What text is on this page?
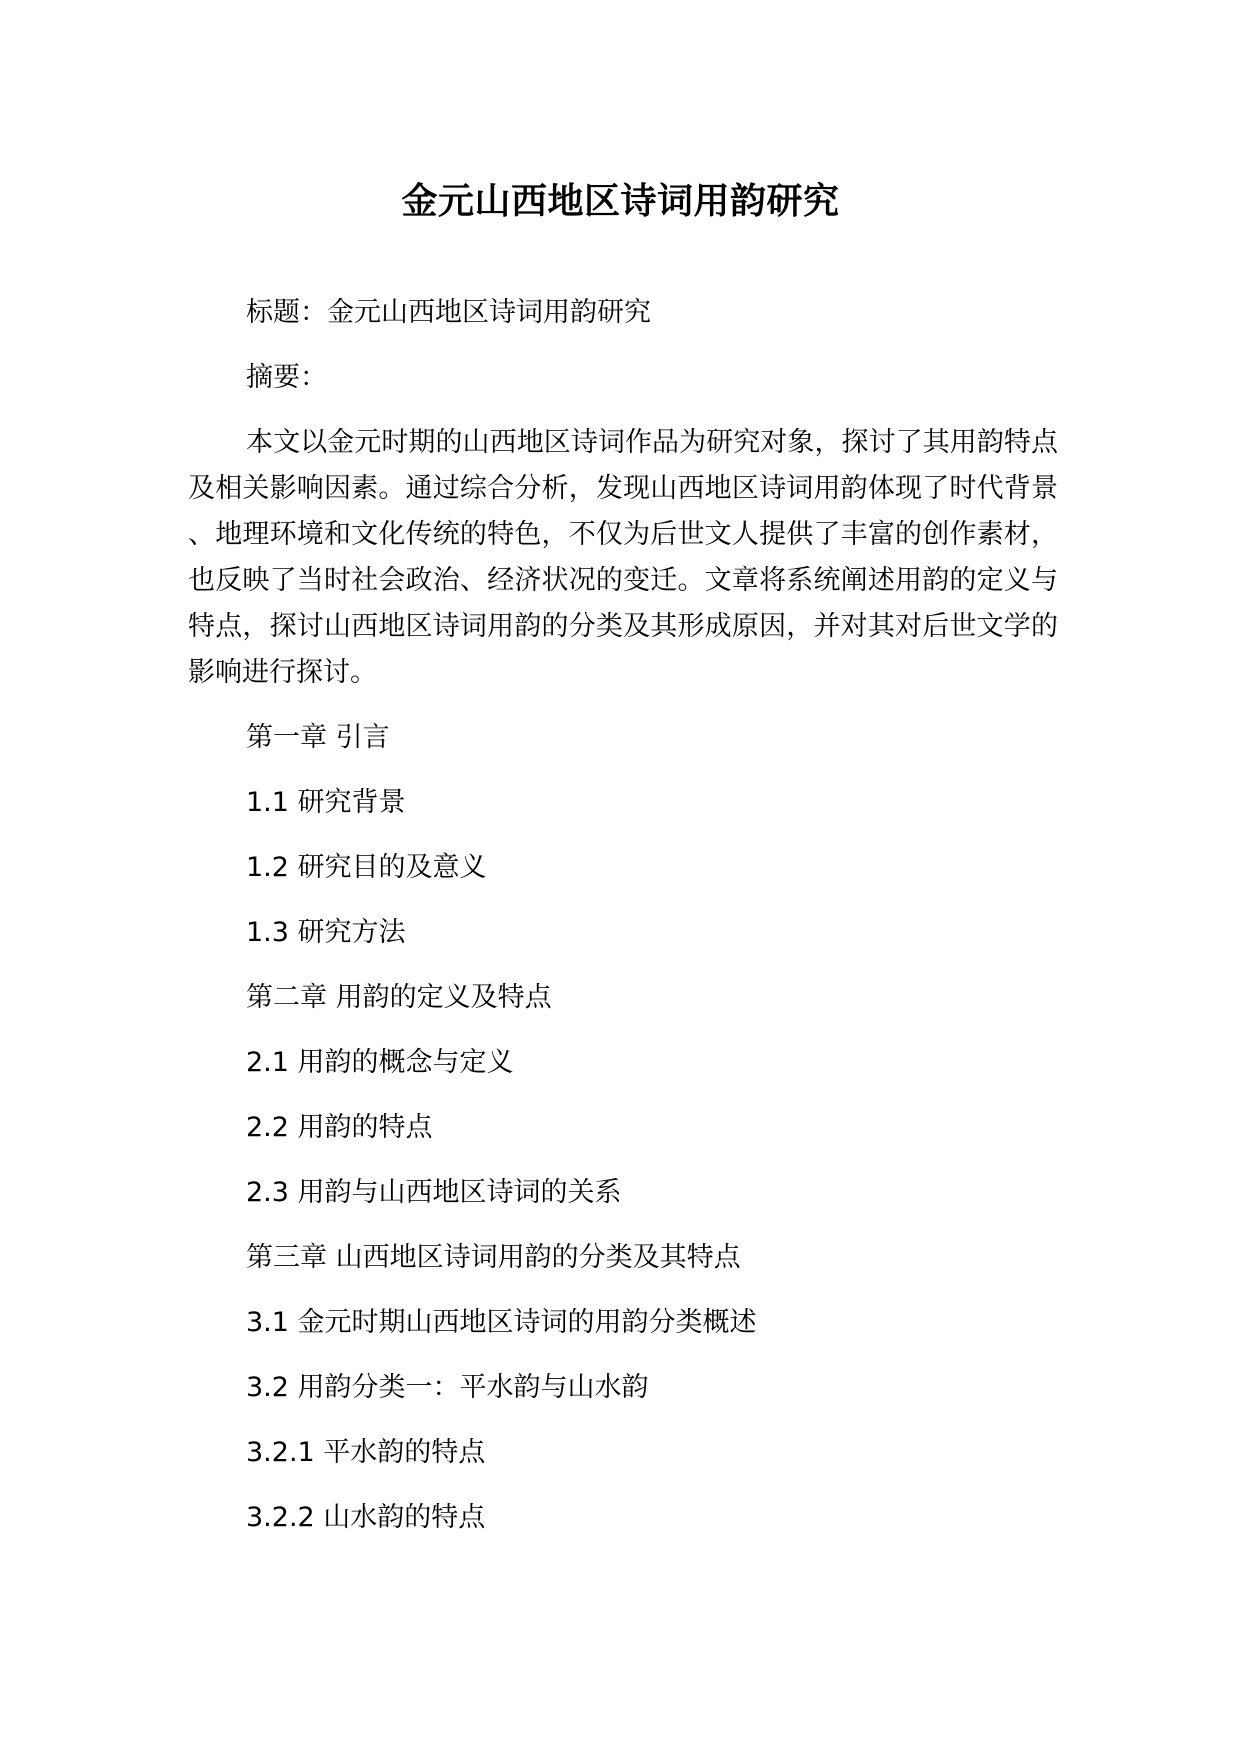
金元山西地区诗词用韵研究

标题：金元山西地区诗词用韵研究

摘要：

本文以金元时期的山西地区诗词作品为研究对象，探讨了其用韵特点及相关影响因素。通过综合分析，发现山西地区诗词用韵体现了时代背景、地理环境和文化传统的特色，不仅为后世文人提供了丰富的创作素材，也反映了当时社会政治、经济状况的变迁。文章将系统阐述用韵的定义与特点，探讨山西地区诗词用韵的分类及其形成原因，并对其对后世文学的影响进行探讨。

第一章 引言

1.1 研究背景

1.2 研究目的及意义

1.3 研究方法

第二章 用韵的定义及特点

2.1 用韵的概念与定义

2.2 用韵的特点

2.3 用韵与山西地区诗词的关系

第三章 山西地区诗词用韵的分类及其特点

3.1 金元时期山西地区诗词的用韵分类概述

3.2 用韵分类一：平水韵与山水韵

3.2.1 平水韵的特点

3.2.2 山水韵的特点
